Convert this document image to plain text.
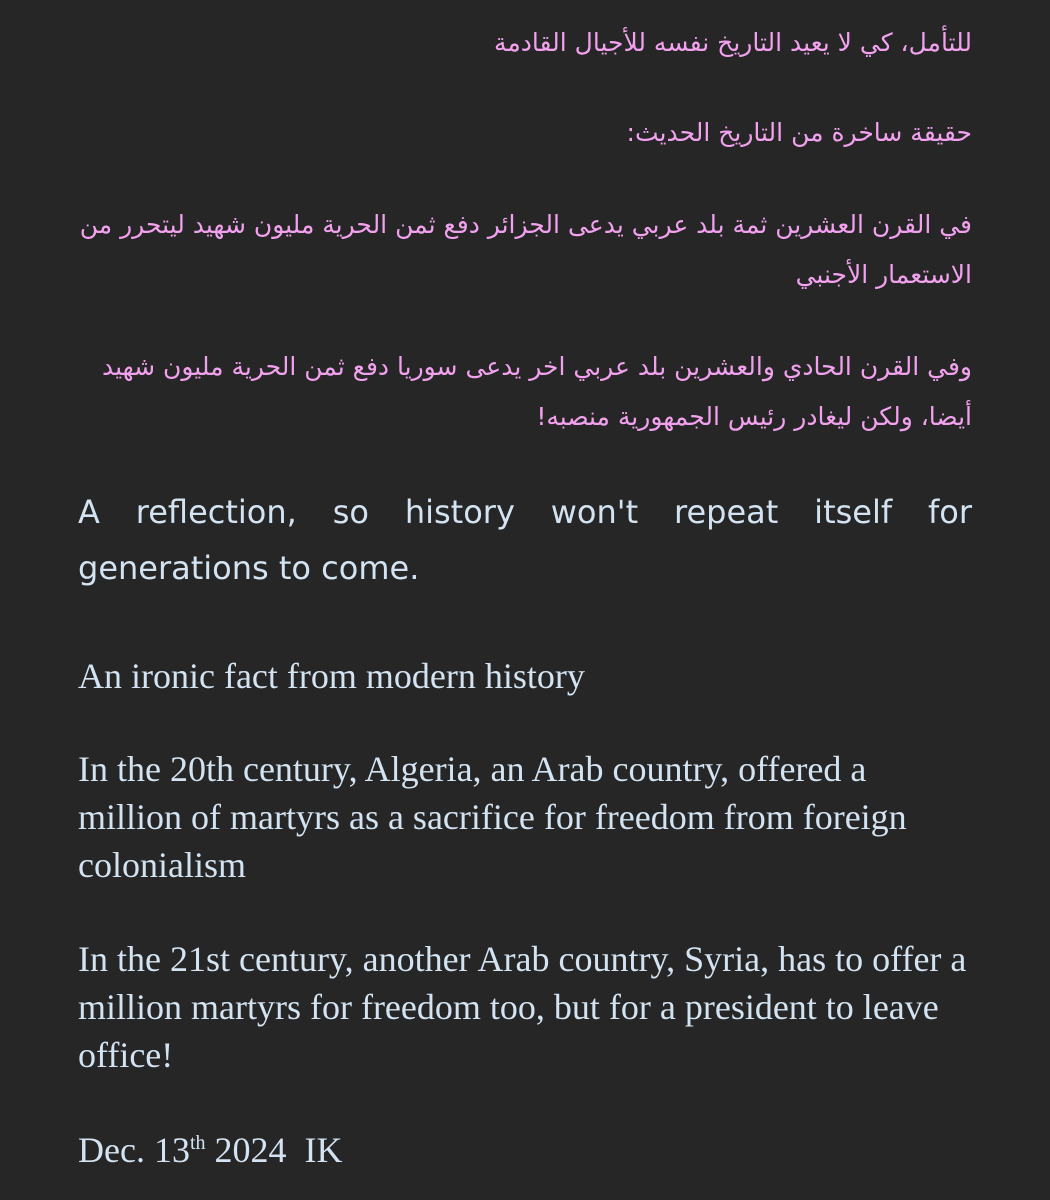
للتأمل، كي لا يعيد التاريخ نفسه للأجيال القادمة

حقيقة ساخرة من التاريخ الحديث:

في القرن العشرين ثمة بلد عربي يدعى الجزائر دفع ثمن الحرية مليون شهيد ليتحرر من الاستعمار الأجنبي

وفي القرن الحادي والعشرين بلد عربي اخر يدعى سوريا دفع ثمن الحرية مليون شهيد أيضا، ولكن ليغادر رئيس الجمهورية منصبه!

A reflection, so history won't repeat itself for generations to come.

An ironic fact from modern history

In the 20th century, Algeria, an Arab country, offered a million of martyrs as a sacrifice for freedom from foreign colonialism

In the 21st century, another Arab country, Syria, has to offer a million martyrs for freedom too, but for a president to leave office!

Dec. 13th 2024  IK
